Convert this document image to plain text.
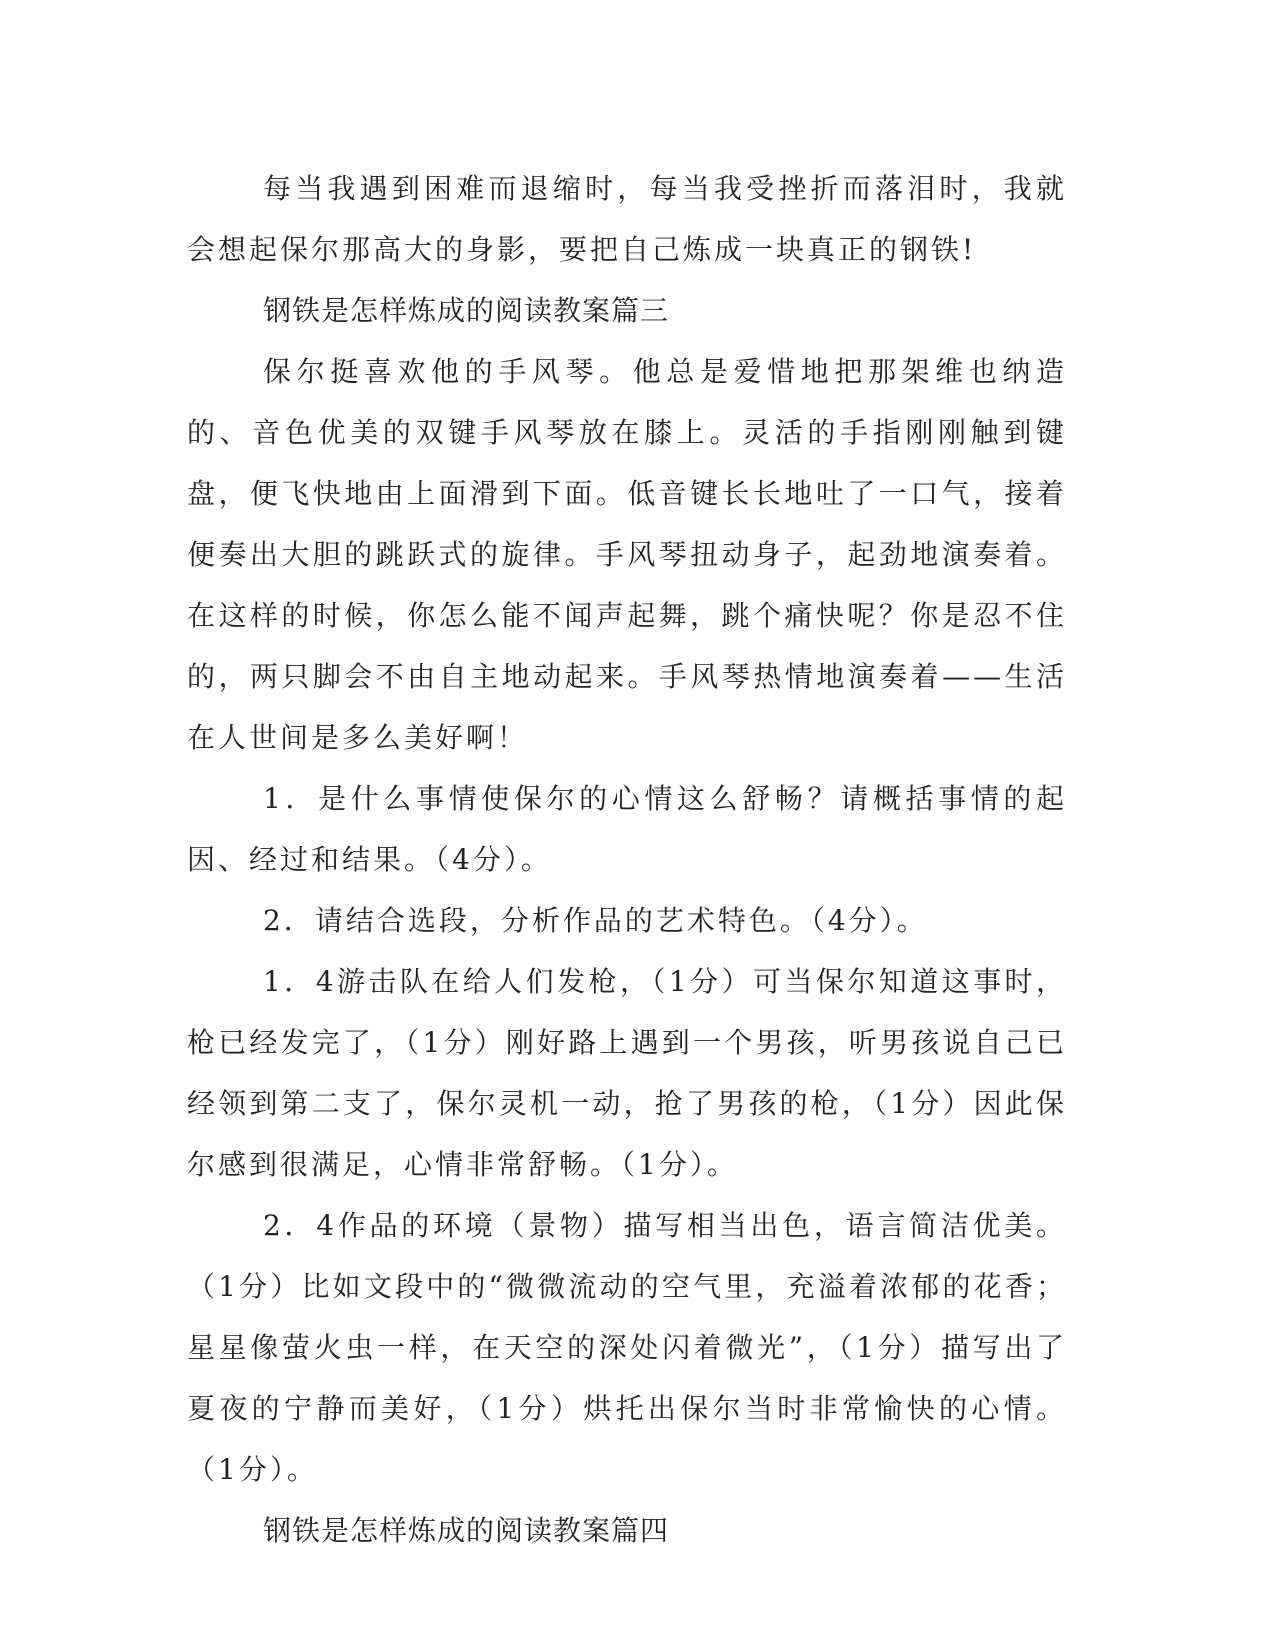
每当我遇到困难而退缩时，每当我受挫折而落泪时，我就会想起保尔那高大的身影，要把自己炼成一块真正的钢铁!

钢铁是怎样炼成的阅读教案篇三

保尔挺喜欢他的手风琴。他总是爱惜地把那架维也纳造的、音色优美的双键手风琴放在膝上。灵活的手指刚刚触到键盘，便飞快地由上面滑到下面。低音键长长地吐了一口气，接着便奏出大胆的跳跃式的旋律。手风琴扭动身子，起劲地演奏着。在这样的时候，你怎么能不闻声起舞，跳个痛快呢？你是忍不住的，两只脚会不由自主地动起来。手风琴热情地演奏着——生活在人世间是多么美好啊！

1．是什么事情使保尔的心情这么舒畅？请概括事情的起因、经过和结果。（4分）。

2．请结合选段，分析作品的艺术特色。（4分）。

1．4游击队在给人们发枪，（1分）可当保尔知道这事时，枪已经发完了，（1分）刚好路上遇到一个男孩，听男孩说自己已经领到第二支了，保尔灵机一动，抢了男孩的枪，（1分）因此保尔感到很满足，心情非常舒畅。（1分）。

2．4作品的环境（景物）描写相当出色，语言简洁优美。（1分）比如文段中的“微微流动的空气里，充溢着浓郁的花香；星星像萤火虫一样，在天空的深处闪着微光”，（1分）描写出了夏夜的宁静而美好，（1分）烘托出保尔当时非常愉快的心情。（1分）。

钢铁是怎样炼成的阅读教案篇四
